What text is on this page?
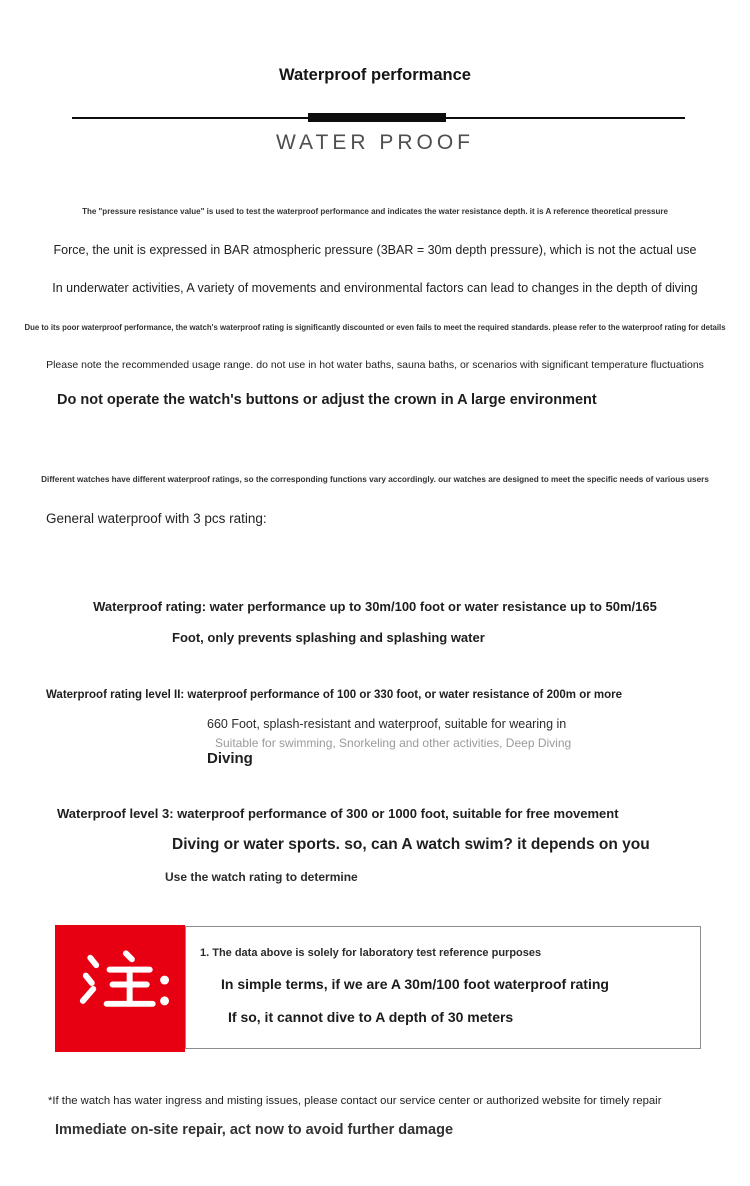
Waterproof performance
WATER PROOF
The "pressure resistance value" is used to test the waterproof performance and indicates the water resistance depth. it is A reference theoretical pressure
Force, the unit is expressed in BAR atmospheric pressure (3BAR = 30m depth pressure), which is not the actual use
In underwater activities, A variety of movements and environmental factors can lead to changes in the depth of diving
Due to its poor waterproof performance, the watch's waterproof rating is significantly discounted or even fails to meet the required standards. please refer to the waterproof rating for details
Please note the recommended usage range. do not use in hot water baths, sauna baths, or scenarios with significant temperature fluctuations
Do not operate the watch's buttons or adjust the crown in A large environment
Different watches have different waterproof ratings, so the corresponding functions vary accordingly. our watches are designed to meet the specific needs of various users
General waterproof with 3 pcs rating:
Waterproof rating: water performance up to 30m/100 foot or water resistance up to 50m/165
Foot, only prevents splashing and splashing water
Waterproof rating level II: waterproof performance of 100 or 330 foot, or water resistance of 200m or more
660 Foot, splash-resistant and waterproof, suitable for wearing in
Suitable for swimming, Snorkeling and other activities, Deep Diving
Diving
Waterproof level 3: waterproof performance of 300 or 1000 foot, suitable for free movement
Diving or water sports. so, can A watch swim? it depends on you
Use the watch rating to determine
1. The data above is solely for laboratory test reference purposes
In simple terms, if we are A 30m/100 foot waterproof rating
If so, it cannot dive to A depth of 30 meters
*If the watch has water ingress and misting issues, please contact our service center or authorized website for timely repair
Immediate on-site repair, act now to avoid further damage
